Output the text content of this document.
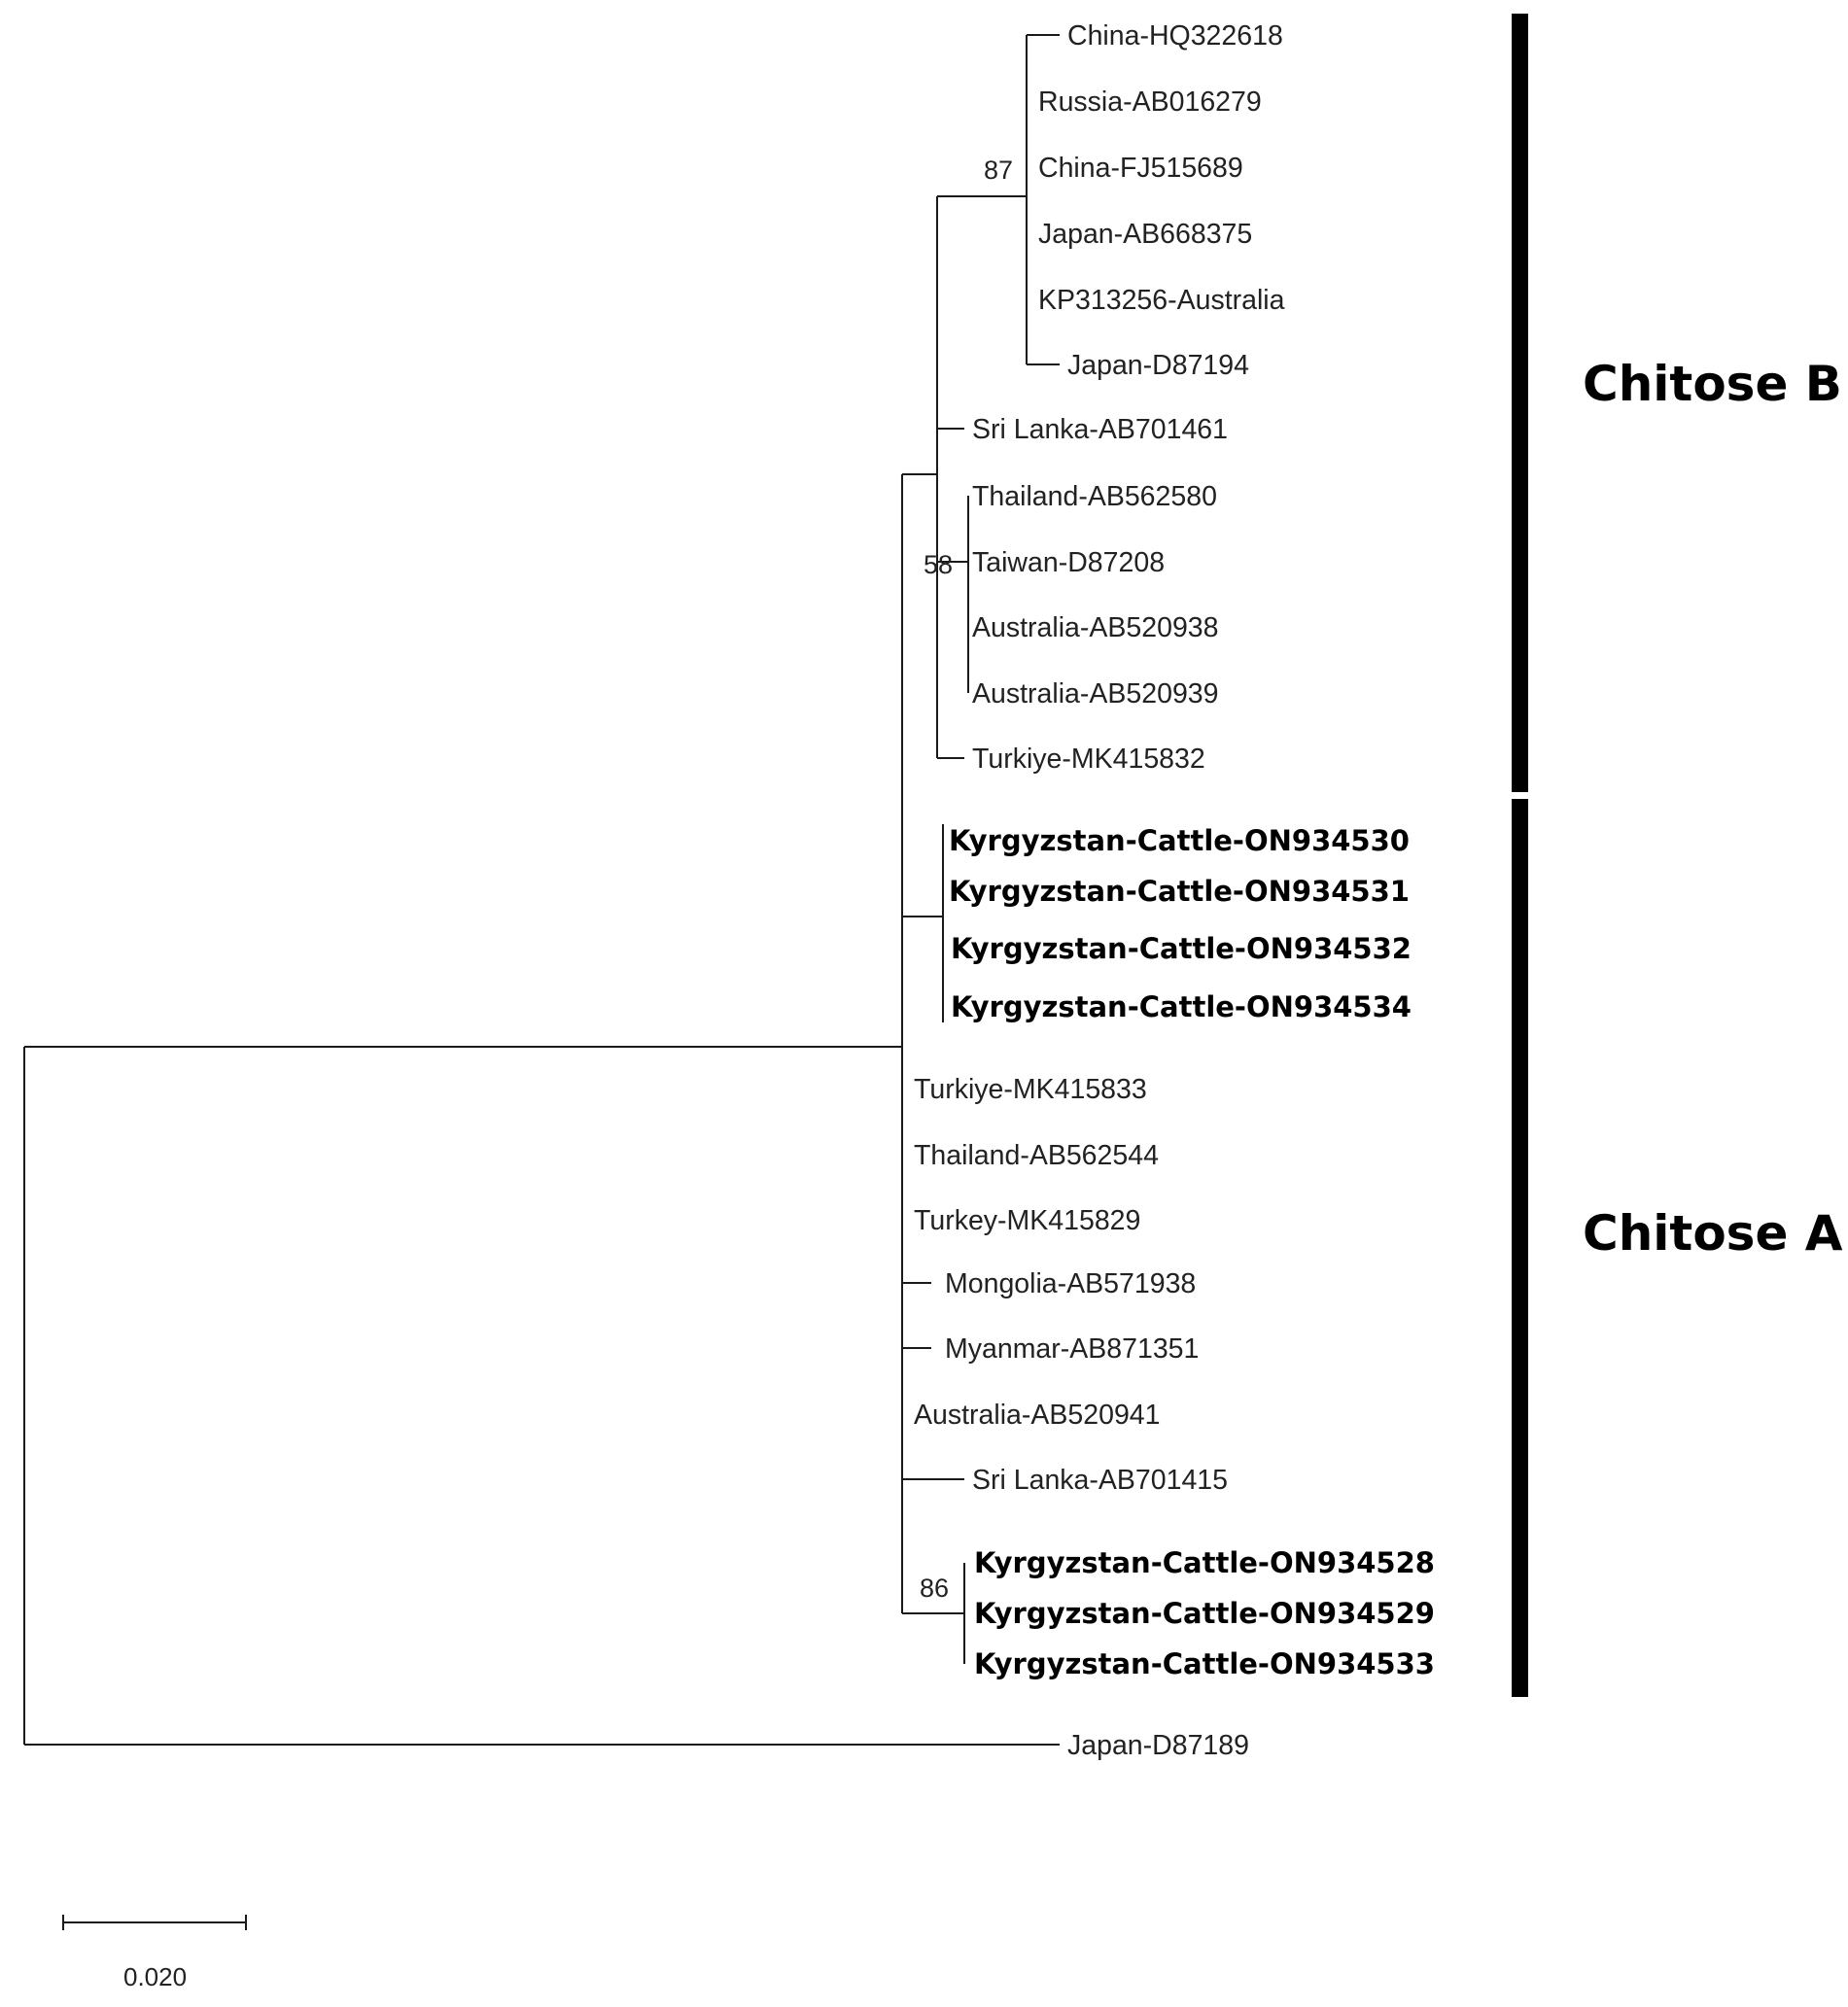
China-HQ322618
Russia-AB016279
China-FJ515689
Japan-AB668375
KP313256-Australia
Japan-D87194
Sri Lanka-AB701461
Thailand-AB562580
Taiwan-D87208
Australia-AB520938
Australia-AB520939
Turkiye-MK415832
Kyrgyzstan-Cattle-ON934530
Kyrgyzstan-Cattle-ON934531
Kyrgyzstan-Cattle-ON934532
Kyrgyzstan-Cattle-ON934534
Turkiye-MK415833
Thailand-AB562544
Turkey-MK415829
Mongolia-AB571938
Myanmar-AB871351
Australia-AB520941
Sri Lanka-AB701415
Kyrgyzstan-Cattle-ON934528
Kyrgyzstan-Cattle-ON934529
Kyrgyzstan-Cattle-ON934533
Japan-D87189
87
58
86
Chitose B
Chitose A
0.020
